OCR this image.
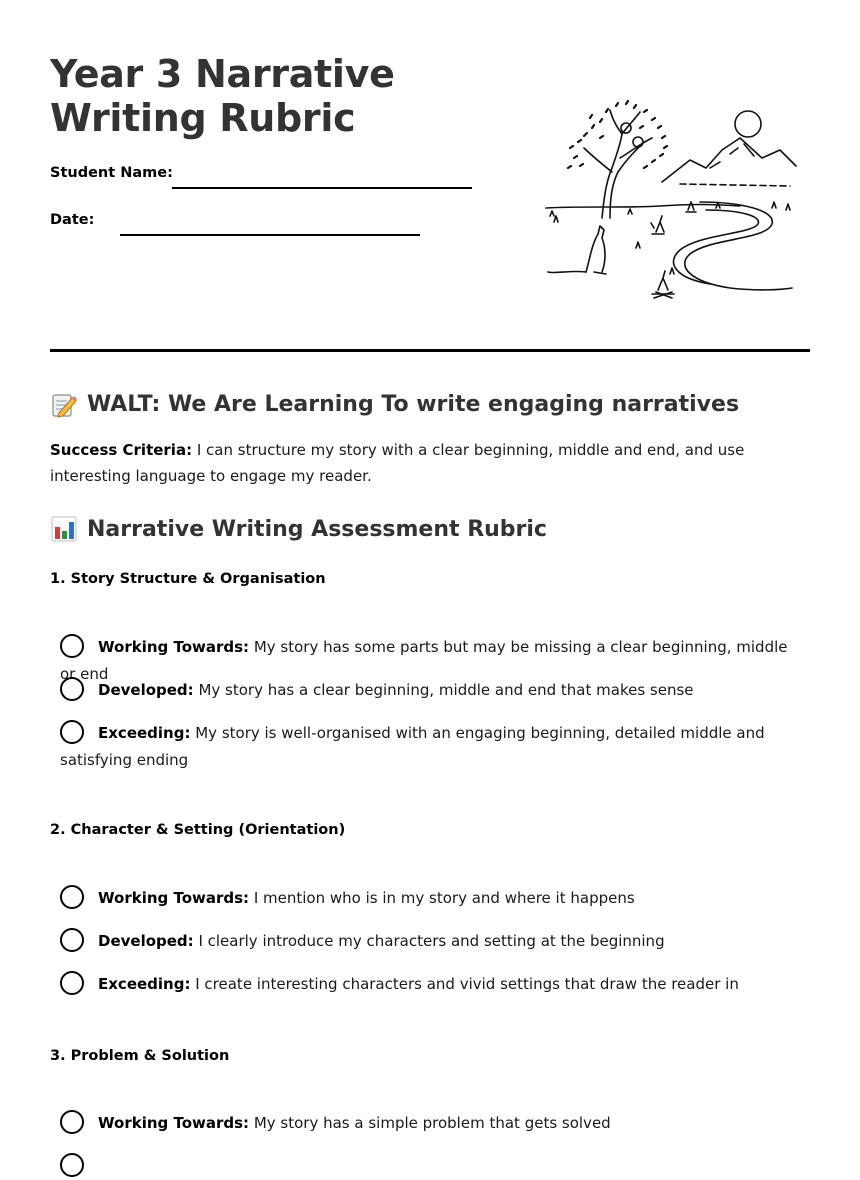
Year 3 Narrative Writing Rubric
Student Name:
Date:
WALT: We Are Learning To write engaging narratives

Success Criteria: I can structure my story with a clear beginning, middle and end, and use interesting language to engage my reader.

Narrative Writing Assessment Rubric
1. Story Structure & Organisation
Working Towards: My story has some parts but may be missing a clear beginning, middle or end
Developed: My story has a clear beginning, middle and end that makes sense
Exceeding: My story is well-organised with an engaging beginning, detailed middle and satisfying ending
2. Character & Setting (Orientation)
Working Towards: I mention who is in my story and where it happens
Developed: I clearly introduce my characters and setting at the beginning
Exceeding: I create interesting characters and vivid settings that draw the reader in
3. Problem & Solution
Working Towards: My story has a simple problem that gets solved
